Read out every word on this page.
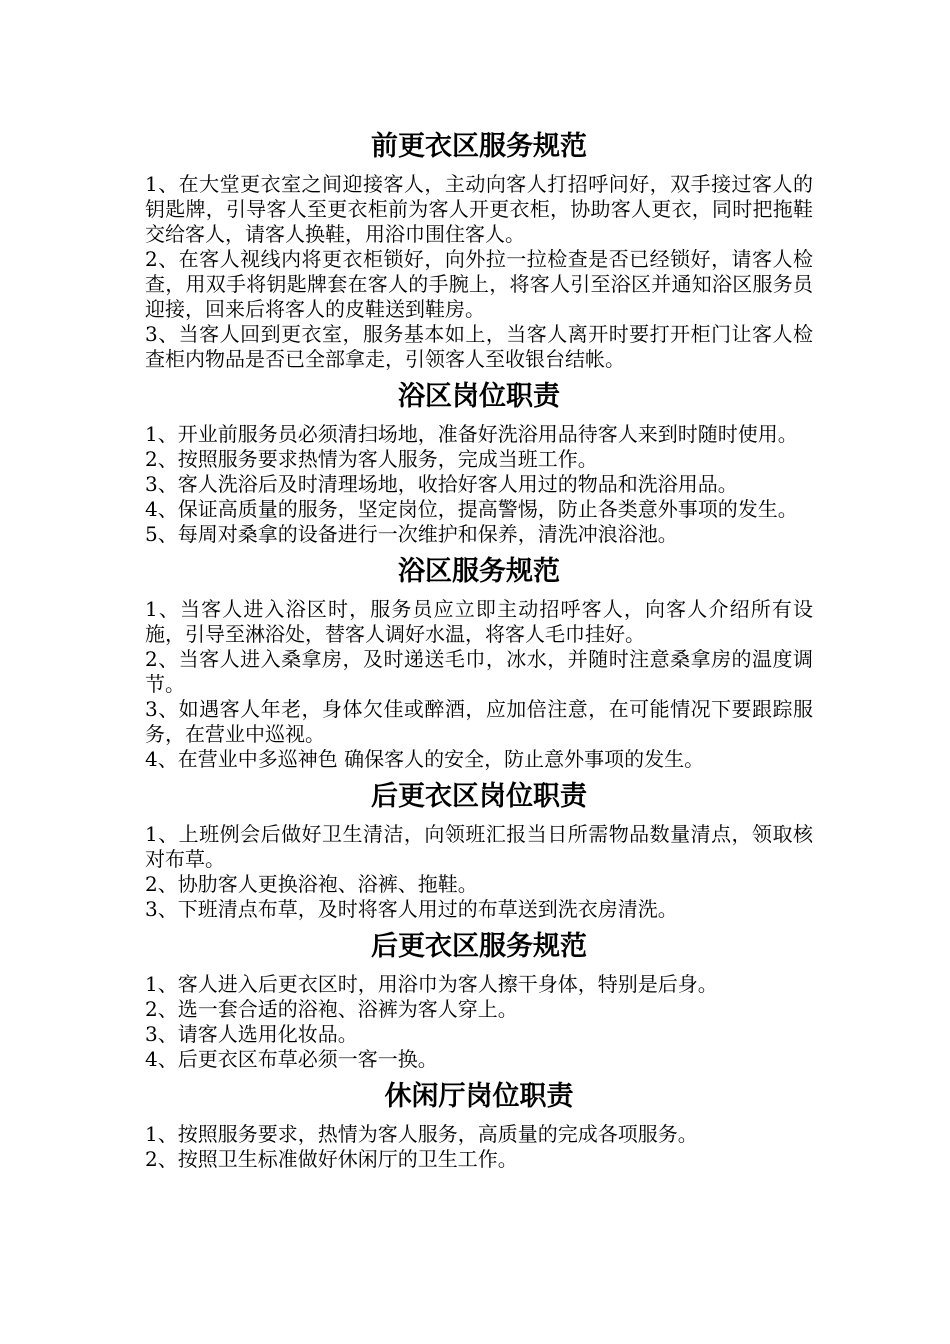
前更衣区服务规范

1、在大堂更衣室之间迎接客人，主动向客人打招呼问好，双手接过客人的钥匙牌，引导客人至更衣柜前为客人开更衣柜，协助客人更衣，同时把拖鞋交给客人，请客人换鞋，用浴巾围住客人。

2、在客人视线内将更衣柜锁好，向外拉一拉检查是否已经锁好，请客人检查，用双手将钥匙牌套在客人的手腕上，将客人引至浴区并通知浴区服务员迎接，回来后将客人的皮鞋送到鞋房。

3、当客人回到更衣室，服务基本如上，当客人离开时要打开柜门让客人检查柜内物品是否已全部拿走，引领客人至收银台结帐。

浴区岗位职责

1、开业前服务员必须清扫场地，准备好洗浴用品待客人来到时随时使用。

2、按照服务要求热情为客人服务，完成当班工作。

3、客人洗浴后及时清理场地，收拾好客人用过的物品和洗浴用品。

4、保证高质量的服务，坚定岗位，提高警惕，防止各类意外事项的发生。

5、每周对桑拿的设备进行一次维护和保养，清洗冲浪浴池。

浴区服务规范

1、当客人进入浴区时，服务员应立即主动招呼客人，向客人介绍所有设施，引导至淋浴处，替客人调好水温，将客人毛巾挂好。

2、当客人进入桑拿房，及时递送毛巾，冰水，并随时注意桑拿房的温度调节。

3、如遇客人年老，身体欠佳或醉酒，应加倍注意，在可能情况下要跟踪服务，在营业中巡视。

4、在营业中多巡神色 确保客人的安全，防止意外事项的发生。

后更衣区岗位职责

1、上班例会后做好卫生清洁，向领班汇报当日所需物品数量清点，领取核对布草。

2、协肋客人更换浴袍、浴裤、拖鞋。

3、下班清点布草，及时将客人用过的布草送到洗衣房清洗。

后更衣区服务规范

1、客人进入后更衣区时，用浴巾为客人擦干身体，特别是后身。

2、选一套合适的浴袍、浴裤为客人穿上。

3、请客人选用化妆品。

4、后更衣区布草必须一客一换。

休闲厅岗位职责

1、按照服务要求，热情为客人服务，高质量的完成各项服务。

2、按照卫生标准做好休闲厅的卫生工作。
